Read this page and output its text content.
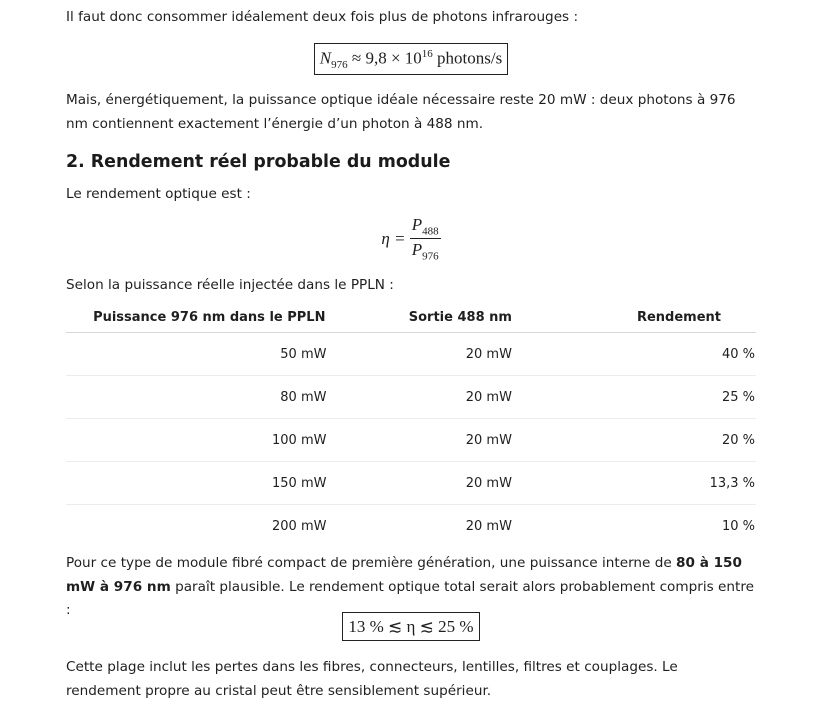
Il faut donc consommer idéalement deux fois plus de photons infrarouges :

$N_{976} \approx 9,8 \times 10^{16}$ photons/s

Mais, énergétiquement, la puissance optique idéale nécessaire reste 20 mW : deux photons à 976 nm contiennent exactement l’énergie d’un photon à 488 nm.

2. Rendement réel probable du module

Le rendement optique est :

$\eta = \frac{P_{488}}{P_{976}}$

Selon la puissance réelle injectée dans le PPLN :

Puissance 976 nm dans le PPLN	Sortie 488 nm	Rendement
50 mW	20 mW	40 %
80 mW	20 mW	25 %
100 mW	20 mW	20 %
150 mW	20 mW	13,3 %
200 mW	20 mW	10 %

Pour ce type de module fibré compact de première génération, une puissance interne de 80 à 150 mW à 976 nm paraît plausible. Le rendement optique total serait alors probablement compris entre :

13 % ≲ η ≲ 25 %

Cette plage inclut les pertes dans les fibres, connecteurs, lentilles, filtres et couplages. Le rendement propre au cristal peut être sensiblement supérieur.
